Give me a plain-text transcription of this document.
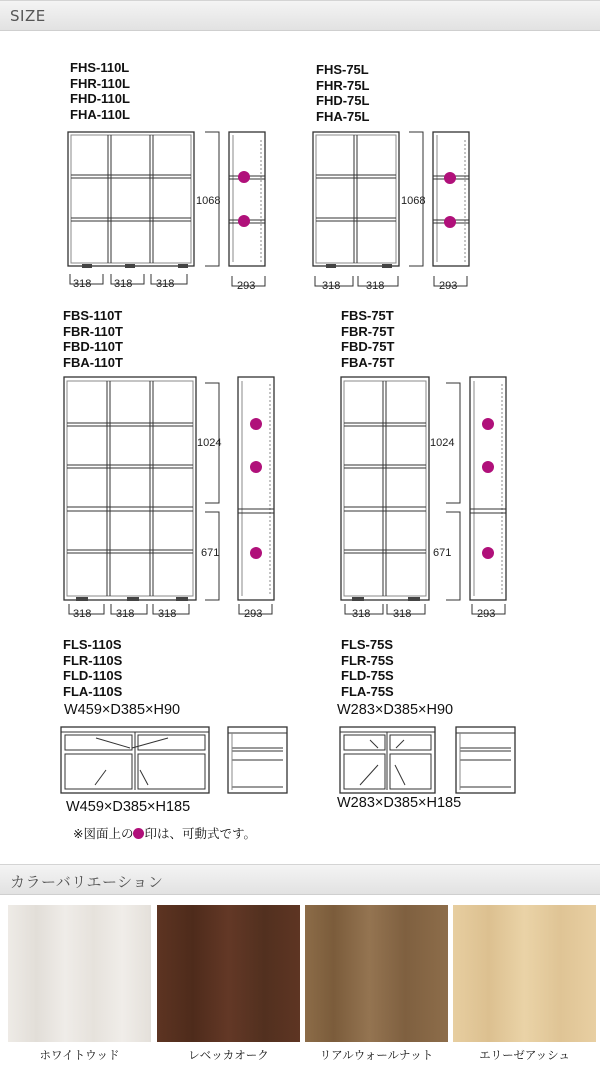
SIZE
FHS-110L
FHR-110L
FHD-110L
FHA-110L
FHS-75L
FHR-75L
FHD-75L
FHA-75L
FBS-110T
FBR-110T
FBD-110T
FBA-110T
FBS-75T
FBR-75T
FBD-75T
FBA-75T
FLS-110S
FLR-110S
FLD-110S
FLA-110S
FLS-75S
FLR-75S
FLD-75S
FLA-75S
318 318 318	293
1068
318 318	293
1068
318 318 318	293
1024
671
318 318	293
1024
671
W459×D385×H90
W459×D385×H185
W283×D385×H90
W283×D385×H185
※図面上の 印は、可動式です。
カラーバリエーション
ホワイトウッド	レベッカオーク	リアルウォールナット	エリーゼアッシュ
